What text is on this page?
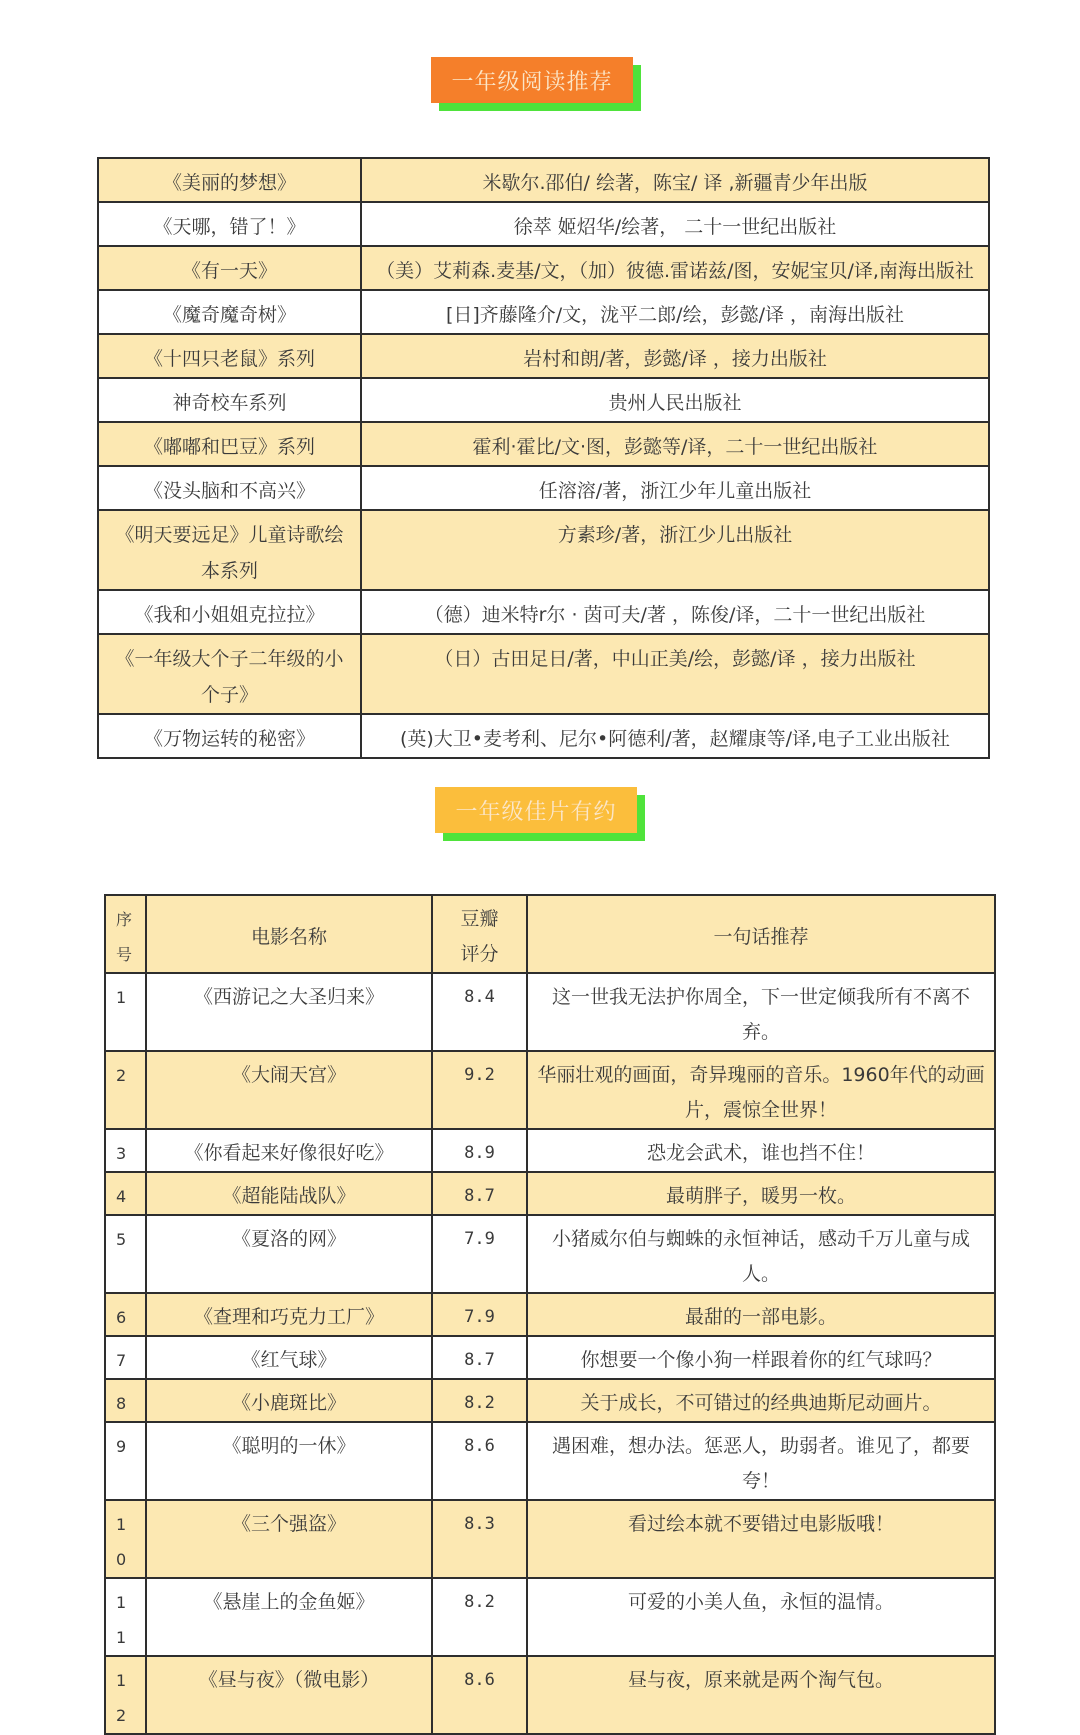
一年级阅读推荐
《美丽的梦想》	米歇尔.邵伯/ 绘著，陈宝/ 译 ,新疆青少年出版
《天哪，错了！》	徐萃 姬炤华/绘著， 二十一世纪出版社
《有一天》	（美）艾莉森.麦基/文，（加）彼德.雷诺兹/图，安妮宝贝/译,南海出版社
《魔奇魔奇树》	[日]齐藤隆介/文，泷平二郎/绘，彭懿/译 ，南海出版社
《十四只老鼠》系列	岩村和朗/著，彭懿/译 ，接力出版社
神奇校车系列	贵州人民出版社
《嘟嘟和巴豆》系列	霍利·霍比/文·图，彭懿等/译，二十一世纪出版社
《没头脑和不高兴》	任溶溶/著，浙江少年儿童出版社
《明天要远足》儿童诗歌绘本系列	方素珍/著，浙江少儿出版社
《我和小姐姐克拉拉》	（德）迪米特r尔 · 茵可夫/著 ，陈俊/译，二十一世纪出版社
《一年级大个子二年级的小个子》	（日）古田足日/著，中山正美/绘，彭懿/译 ，接力出版社
《万物运转的秘密》	(英)大卫•麦考利、尼尔•阿德利/著，赵耀康等/译,电子工业出版社
一年级佳片有约
序号	电影名称	豆瓣评分	一句话推荐
1	《西游记之大圣归来》	8.4	这一世我无法护你周全，下一世定倾我所有不离不弃。
2	《大闹天宫》	9.2	华丽壮观的画面，奇异瑰丽的音乐。1960年代的动画片，震惊全世界！
3	《你看起来好像很好吃》	8.9	恐龙会武术，谁也挡不住！
4	《超能陆战队》	8.7	最萌胖子，暖男一枚。
5	《夏洛的网》	7.9	小猪威尔伯与蜘蛛的永恒神话，感动千万儿童与成人。
6	《查理和巧克力工厂》	7.9	最甜的一部电影。
7	《红气球》	8.7	你想要一个像小狗一样跟着你的红气球吗？
8	《小鹿斑比》	8.2	关于成长，不可错过的经典迪斯尼动画片。
9	《聪明的一休》	8.6	遇困难，想办法。惩恶人，助弱者。谁见了，都要夸！
10	《三个强盗》	8.3	看过绘本就不要错过电影版哦！
11	《悬崖上的金鱼姬》	8.2	可爱的小美人鱼，永恒的温情。
12	《昼与夜》（微电影）	8.6	昼与夜，原来就是两个淘气包。
